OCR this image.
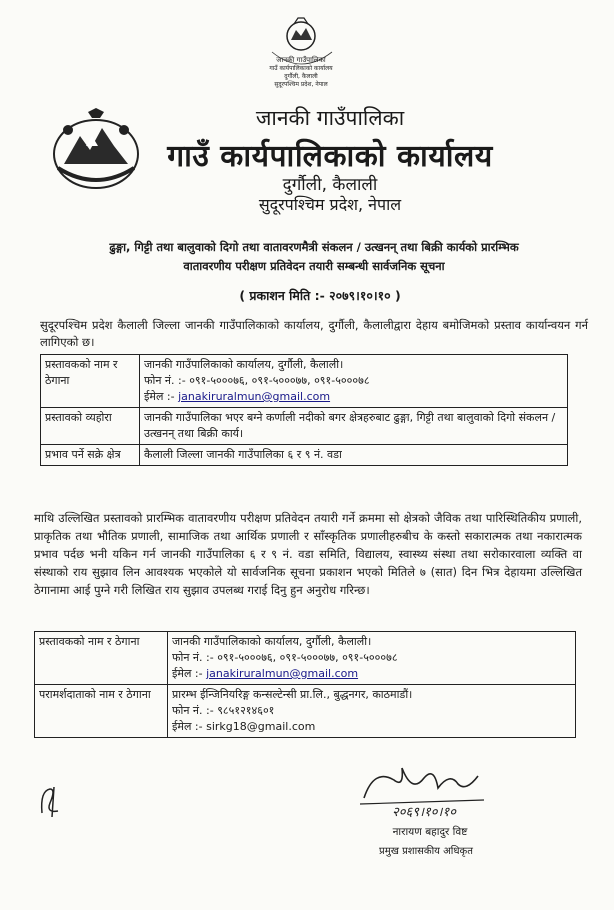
जानकी गाउँपालिका
गाउँ कार्यपालिकाको कार्यालय
दुर्गौली, कैलाली
सुदूरपश्चिम प्रदेश, नेपाल
जानकी गाउँपालिका
गाउँ कार्यपालिकाको कार्यालय
दुर्गौली, कैलाली
सुदूरपश्चिम प्रदेश, नेपाल
ढुङ्गा, गिट्टी तथा बालुवाको दिगो तथा वातावरणमैत्री संकलन / उत्खनन् तथा बिक्री कार्यको प्रारम्भिक
वातावरणीय परीक्षण प्रतिवेदन तयारी सम्बन्धी सार्वजनिक सूचना
( प्रकाशन मिति :- २०७९।१०।१० )
सुदूरपश्चिम प्रदेश कैलाली जिल्ला जानकी गाउँपालिकाको कार्यालय, दुर्गौली, कैलालीद्वारा देहाय बमोजिमको प्रस्ताव कार्यान्वयन गर्न लागिएको छ।
प्रस्तावकको नाम र ठेगाना	जानकी गाउँपालिकाको कार्यालय, दुर्गौली, कैलाली।
फोन नं. :- ०९१-५०००७६, ०९१-५०००७७, ०९१-५०००७८
ईमेल :- janakiruralmun@gmail.com

प्रस्तावको व्यहोरा	जानकी गाउँपालिका भएर बग्ने कर्णाली नदीको बगर क्षेत्रहरुबाट ढुङ्गा, गिट्टी तथा बालुवाको दिगो संकलन / उत्खनन् तथा बिक्री कार्य।
प्रभाव पर्ने सक्रे क्षेत्र	कैलाली जिल्ला जानकी गाउँपालिका ६ र ९ नं. वडा
माथि उल्लिखित प्रस्तावको प्रारम्भिक वातावरणीय परीक्षण प्रतिवेदन तयारी गर्ने क्रममा सो क्षेत्रको जैविक तथा पारिस्थितिकीय प्रणाली, प्राकृतिक तथा भौतिक प्रणाली, सामाजिक तथा आर्थिक प्रणाली र साँस्कृतिक प्रणालीहरुबीच के कस्तो सकारात्मक तथा नकारात्मक प्रभाव पर्दछ भनी यकिन गर्न जानकी गाउँपालिका ६ र ९ नं. वडा समिति, विद्यालय, स्वास्थ्य संस्था तथा सरोकारवाला व्यक्ति वा संस्थाको राय सुझाव लिन आवश्यक भएकोले यो सार्वजनिक सूचना प्रकाशन भएको मितिले ७ (सात) दिन भित्र देहायमा उल्लिखित ठेगानामा आई पुग्ने गरी लिखित राय सुझाव उपलब्ध गराई दिनु हुन अनुरोध गरिन्छ।
प्रस्तावकको नाम र ठेगाना	जानकी गाउँपालिकाको कार्यालय, दुर्गौली, कैलाली।
फोन नं. :- ०९१-५०००७६, ०९१-५०००७७, ०९१-५०००७८
ईमेल :- janakiruralmun@gmail.com

परामर्शदाताको नाम र ठेगाना	प्रारम्भ ईन्जिनियरिङ्ग कन्सल्टेन्सी प्रा.लि., बुद्धनगर, काठमाडौं।
फोन नं. :- ९८५१२१४६०१
ईमेल :- sirkg18@gmail.com
२०६९।१०।१०
नारायण बहादुर विष्ट
प्रमुख प्रशासकीय अधिकृत
